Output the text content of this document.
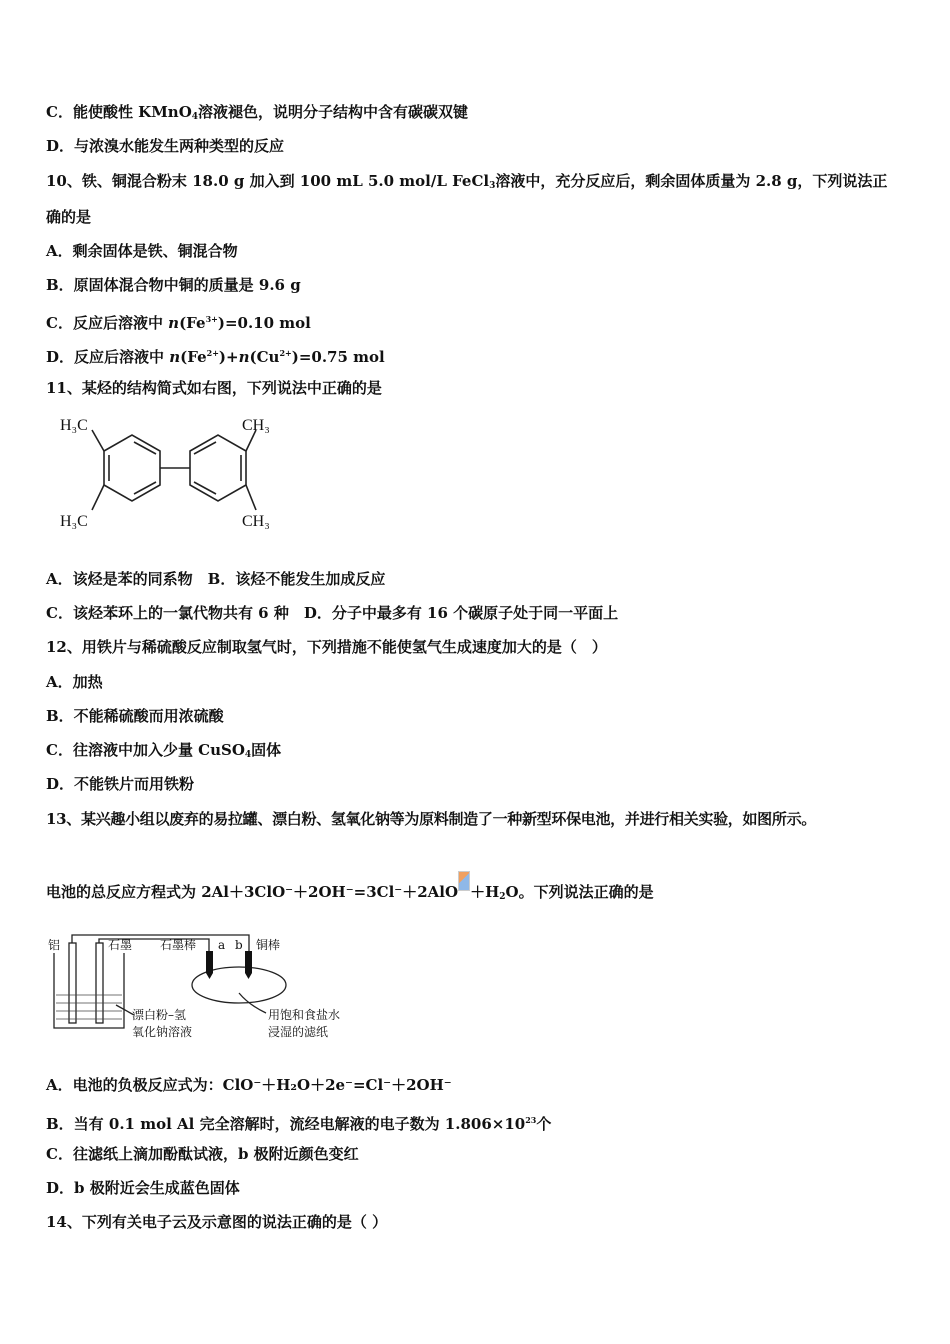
C．能使酸性 KMnO$_4$溶液褪色，说明分子结构中含有碳碳双键
D．与浓溴水能发生两种类型的反应
10、铁、铜混合粉末 18.0 g 加入到 100 mL 5.0 mol/L FeCl$_3$溶液中，充分反应后，剩余固体质量为 2.8 g，下列说法正
确的是
A．剩余固体是铁、铜混合物
B．原固体混合物中铜的质量是 9.6 g
C．反应后溶液中 $n(Fe^{3+})=0.10$ mol
D．反应后溶液中 $n(Fe^{2+})+n(Cu^{2+})=0.75$ mol
11、某烃的结构简式如右图，下列说法中正确的是
H₃C	CH₃
H₃C	CH₃
A．该烃是苯的同系物　B．该烃不能发生加成反应
C．该烃苯环上的一氯代物共有 6 种　D．分子中最多有 16 个碳原子处于同一平面上
12、用铁片与稀硫酸反应制取氢气时，下列措施不能使氢气生成速度加大的是（　）
A．加热
B．不能稀硫酸而用浓硫酸
C．往溶液中加入少量 CuSO$_4$固体
D．不能铁片而用铁粉
13、某兴趣小组以废弃的易拉罐、漂白粉、氢氧化钠等为原料制造了一种新型环保电池，并进行相关实验，如图所示。
电池的总反应方程式为 $2Al+3ClO^-+2OH^-=3Cl^-+2AlO +H_2O$。下列说法正确的是
铝	石墨 石墨棒 a b 铜棒
漂白粉–氢
氧化钠溶液
用饱和食盐水
浸湿的滤纸
A．电池的负极反应式为：ClO⁻＋H₂O＋2e⁻=Cl⁻＋2OH⁻
B．当有 0.1 mol Al 完全溶解时，流经电解液的电子数为 $1.806\times 10^{23}$个
C．往滤纸上滴加酚酞试液，b 极附近颜色变红
D．b 极附近会生成蓝色固体
14、下列有关电子云及示意图的说法正确的是（ ）
